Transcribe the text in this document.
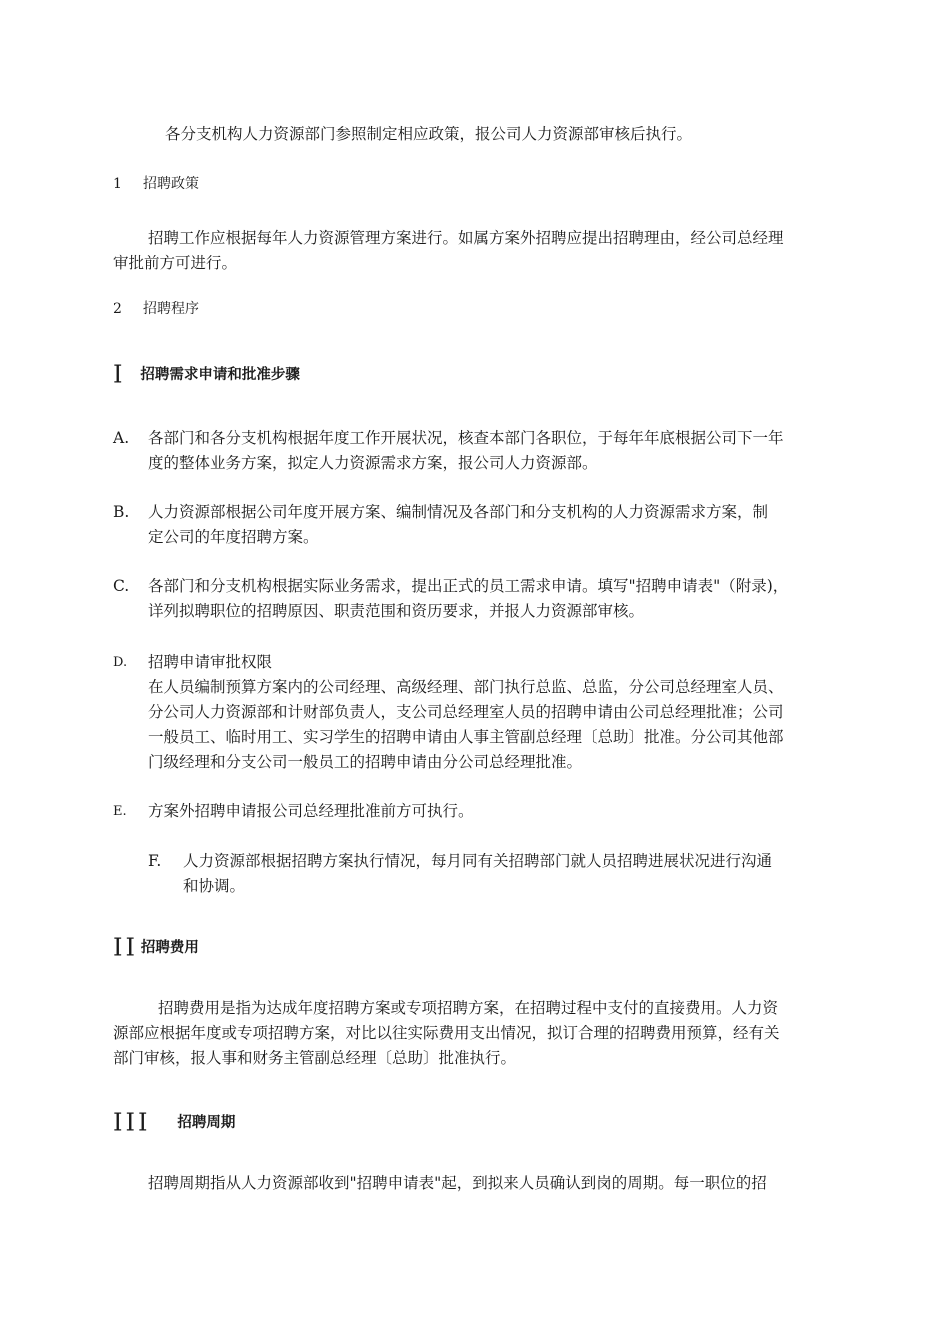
各分支机构人力资源部门参照制定相应政策，报公司人力资源部审核后执行。
1 招聘政策
招聘工作应根据每年人力资源管理方案进行。如属方案外招聘应提出招聘理由，经公司总经理
审批前方可进行。
2 招聘程序
I 招聘需求申请和批准步骤
A.	各部门和各分支机构根据年度工作开展状况，核查本部门各职位，于每年年底根据公司下一年
度的整体业务方案，拟定人力资源需求方案，报公司人力资源部。
B.	人力资源部根据公司年度开展方案、编制情况及各部门和分支机构的人力资源需求方案，制
定公司的年度招聘方案。
C.	各部门和分支机构根据实际业务需求，提出正式的员工需求申请。填写"招聘申请表"（附录)，
详列拟聘职位的招聘原因、职责范围和资历要求，并报人力资源部审核。
D.	招聘申请审批权限
在人员编制预算方案内的公司经理、高级经理、部门执行总监、总监，分公司总经理室人员、
分公司人力资源部和计财部负责人，支公司总经理室人员的招聘申请由公司总经理批准；公司
一般员工、临时用工、实习学生的招聘申请由人事主管副总经理〔总助〕批准。分公司其他部
门级经理和分支公司一般员工的招聘申请由分公司总经理批准。
E.	方案外招聘申请报公司总经理批准前方可执行。
F.	人力资源部根据招聘方案执行情况，每月同有关招聘部门就人员招聘进展状况进行沟通
和协调。
II 招聘费用
招聘费用是指为达成年度招聘方案或专项招聘方案，在招聘过程中支付的直接费用。人力资
源部应根据年度或专项招聘方案，对比以往实际费用支出情况，拟订合理的招聘费用预算，经有关
部门审核，报人事和财务主管副总经理〔总助〕批准执行。
III 招聘周期
招聘周期指从人力资源部收到"招聘申请表"起，到拟来人员确认到岗的周期。每一职位的招
